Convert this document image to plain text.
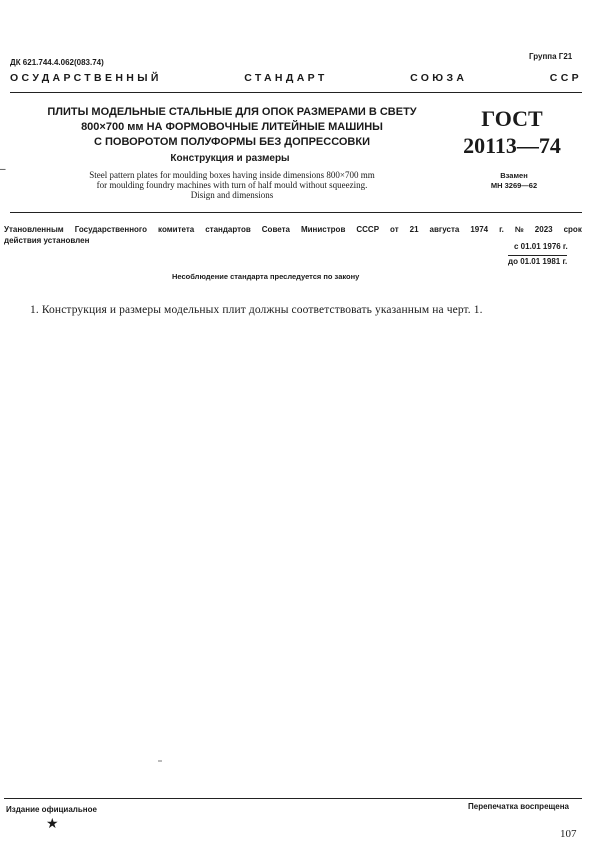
ДК 621.744.4.062(083.74)
Группа Г21
ОСУДАРСТВЕННЫЙ	СТАНДАРТ	СОЮЗА	ССР
ПЛИТЫ МОДЕЛЬНЫЕ СТАЛЬНЫЕ ДЛЯ ОПОК РАЗМЕРАМИ В СВЕТУ
800×700 мм НА ФОРМОВОЧНЫЕ ЛИТЕЙНЫЕ МАШИНЫ
С ПОВОРОТОМ ПОЛУФОРМЫ БЕЗ ДОПРЕССОВКИ
Конструкция и размеры
Steel pattern plates for moulding boxes having inside dimensions 800×700 mm
for moulding foundry machines with turn of half mould without squeezing.
Disign and dimensions
ГОСТ
20113—74
Взамен
МН 3269—62
–
Утановленным Государственного комитета стандартов Совета Министров СССР от 21 августа 1974 г. № 2023 срок
действия установлен
с 01.01 1976 г.
до 01.01 1981 г.
Несоблюдение стандарта преследуется по закону
1. Конструкция и размеры модельных плит должны соответствовать указанным на черт. 1.
Издание официальное
★
Перепечатка воспрещена
107
